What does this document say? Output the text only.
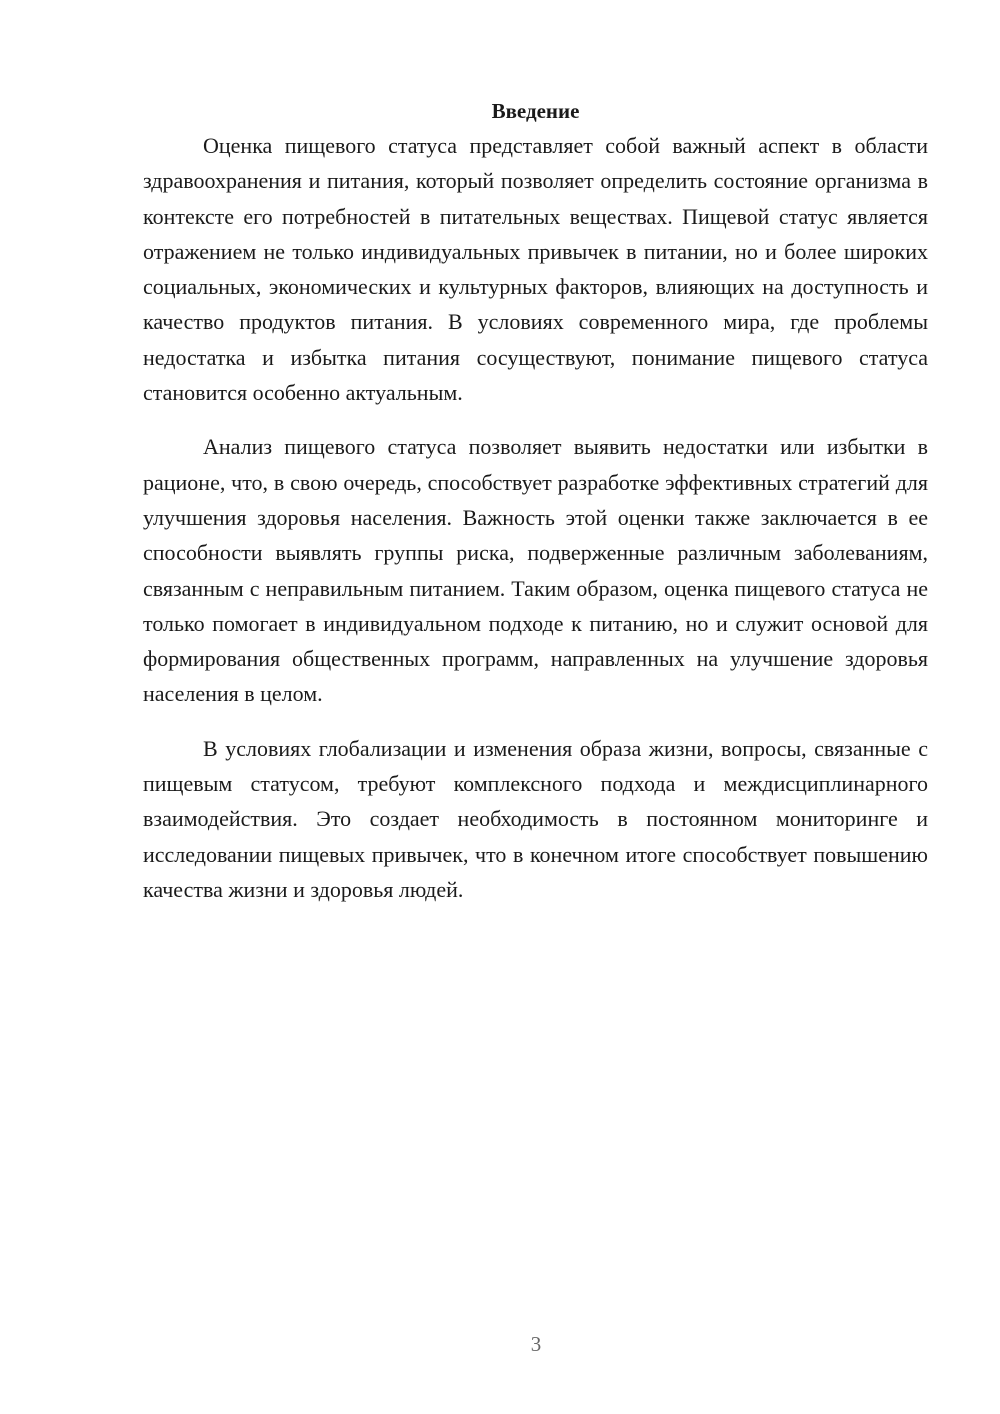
Введение

Оценка пищевого статуса представляет собой важный аспект в области здравоохранения и питания, который позволяет определить состояние организма в контексте его потребностей в питательных веществах. Пищевой статус является отражением не только индивидуальных привычек в питании, но и более широких социальных, экономических и культурных факторов, влияющих на доступность и качество продуктов питания. В условиях современного мира, где проблемы недостатка и избытка питания сосуществуют, понимание пищевого статуса становится особенно актуальным.

Анализ пищевого статуса позволяет выявить недостатки или избытки в рационе, что, в свою очередь, способствует разработке эффективных стратегий для улучшения здоровья населения. Важность этой оценки также заключается в ее способности выявлять группы риска, подверженные различным заболеваниям, связанным с неправильным питанием. Таким образом, оценка пищевого статуса не только помогает в индивидуальном подходе к питанию, но и служит основой для формирования общественных программ, направленных на улучшение здоровья населения в целом.

В условиях глобализации и изменения образа жизни, вопросы, связанные с пищевым статусом, требуют комплексного подхода и междисциплинарного взаимодействия. Это создает необходимость в постоянном мониторинге и исследовании пищевых привычек, что в конечном итоге способствует повышению качества жизни и здоровья людей.

3
